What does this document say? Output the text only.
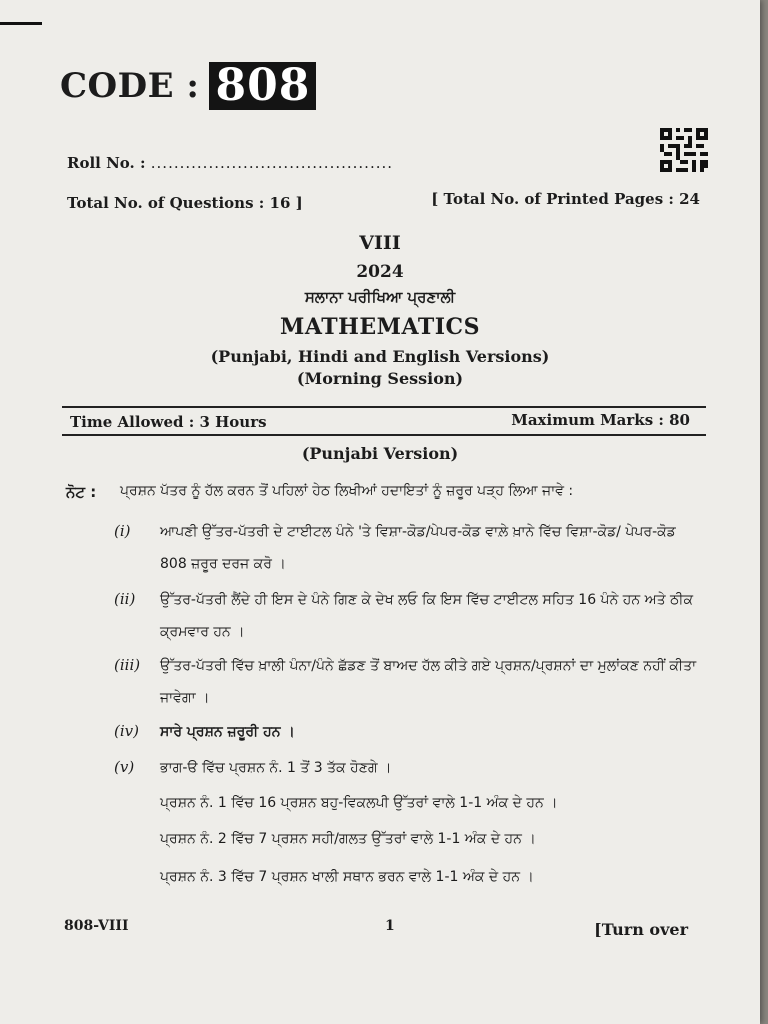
CODE : 808
Roll No. : ..........................................
Total No. of Questions : 16 ]	[ Total No. of Printed Pages : 24
VIII
2024
ਸਲਾਨਾ ਪਰੀਖਿਆ ਪ੍ਰਣਾਲੀ
MATHEMATICS
(Punjabi, Hindi and English Versions)
(Morning Session)
Time Allowed : 3 Hours	Maximum Marks : 80
(Punjabi Version)
ਨੋਟ : ਪ੍ਰਸ਼ਨ ਪੱਤਰ ਨੂੰ ਹੱਲ ਕਰਨ ਤੋਂ ਪਹਿਲਾਂ ਹੇਠ ਲਿਖੀਆਂ ਹਦਾਇਤਾਂ ਨੂੰ ਜ਼ਰੂਰ ਪੜ੍ਹ ਲਿਆ ਜਾਵੇ :
(i) ਆਪਣੀ ਉੱਤਰ-ਪੱਤਰੀ ਦੇ ਟਾਈਟਲ ਪੰਨੇ 'ਤੇ ਵਿਸ਼ਾ-ਕੋਡ/ਪੇਪਰ-ਕੋਡ ਵਾਲ਼ੇ ਖ਼ਾਨੇ ਵਿੱਚ ਵਿਸ਼ਾ-ਕੋਡ/ ਪੇਪਰ-ਕੋਡ 808 ਜ਼ਰੂਰ ਦਰਜ ਕਰੋ ।
(ii) ਉੱਤਰ-ਪੱਤਰੀ ਲੈਂਦੇ ਹੀ ਇਸ ਦੇ ਪੰਨੇ ਗਿਣ ਕੇ ਦੇਖ ਲਓ ਕਿ ਇਸ ਵਿੱਚ ਟਾਈਟਲ ਸਹਿਤ 16 ਪੰਨੇ ਹਨ ਅਤੇ ਠੀਕ ਕ੍ਰਮਵਾਰ ਹਨ ।
(iii) ਉੱਤਰ-ਪੱਤਰੀ ਵਿੱਚ ਖ਼ਾਲੀ ਪੰਨਾ/ਪੰਨੇ ਛੱਡਣ ਤੋਂ ਬਾਅਦ ਹੱਲ ਕੀਤੇ ਗਏ ਪ੍ਰਸ਼ਨ/ਪ੍ਰਸ਼ਨਾਂ ਦਾ ਮੁਲਾਂਕਣ ਨਹੀਂ ਕੀਤਾ ਜਾਵੇਗਾ ।
(iv) ਸਾਰੇ ਪ੍ਰਸ਼ਨ ਜ਼ਰੂਰੀ ਹਨ ।
(v) ਭਾਗ-ੳ ਵਿੱਚ ਪ੍ਰਸ਼ਨ ਨੰ. 1 ਤੋਂ 3 ਤੱਕ ਹੋਣਗੇ ।
ਪ੍ਰਸ਼ਨ ਨੰ. 1 ਵਿੱਚ 16 ਪ੍ਰਸ਼ਨ ਬਹੁ-ਵਿਕਲਪੀ ਉੱਤਰਾਂ ਵਾਲੇ 1-1 ਅੰਕ ਦੇ ਹਨ ।
ਪ੍ਰਸ਼ਨ ਨੰ. 2 ਵਿੱਚ 7 ਪ੍ਰਸ਼ਨ ਸਹੀ/ਗਲਤ ਉੱਤਰਾਂ ਵਾਲੇ 1-1 ਅੰਕ ਦੇ ਹਨ ।
ਪ੍ਰਸ਼ਨ ਨੰ. 3 ਵਿੱਚ 7 ਪ੍ਰਸ਼ਨ ਖਾਲੀ ਸਥਾਨ ਭਰਨ ਵਾਲੇ 1-1 ਅੰਕ ਦੇ ਹਨ ।
808-VIII	1	[Turn over
